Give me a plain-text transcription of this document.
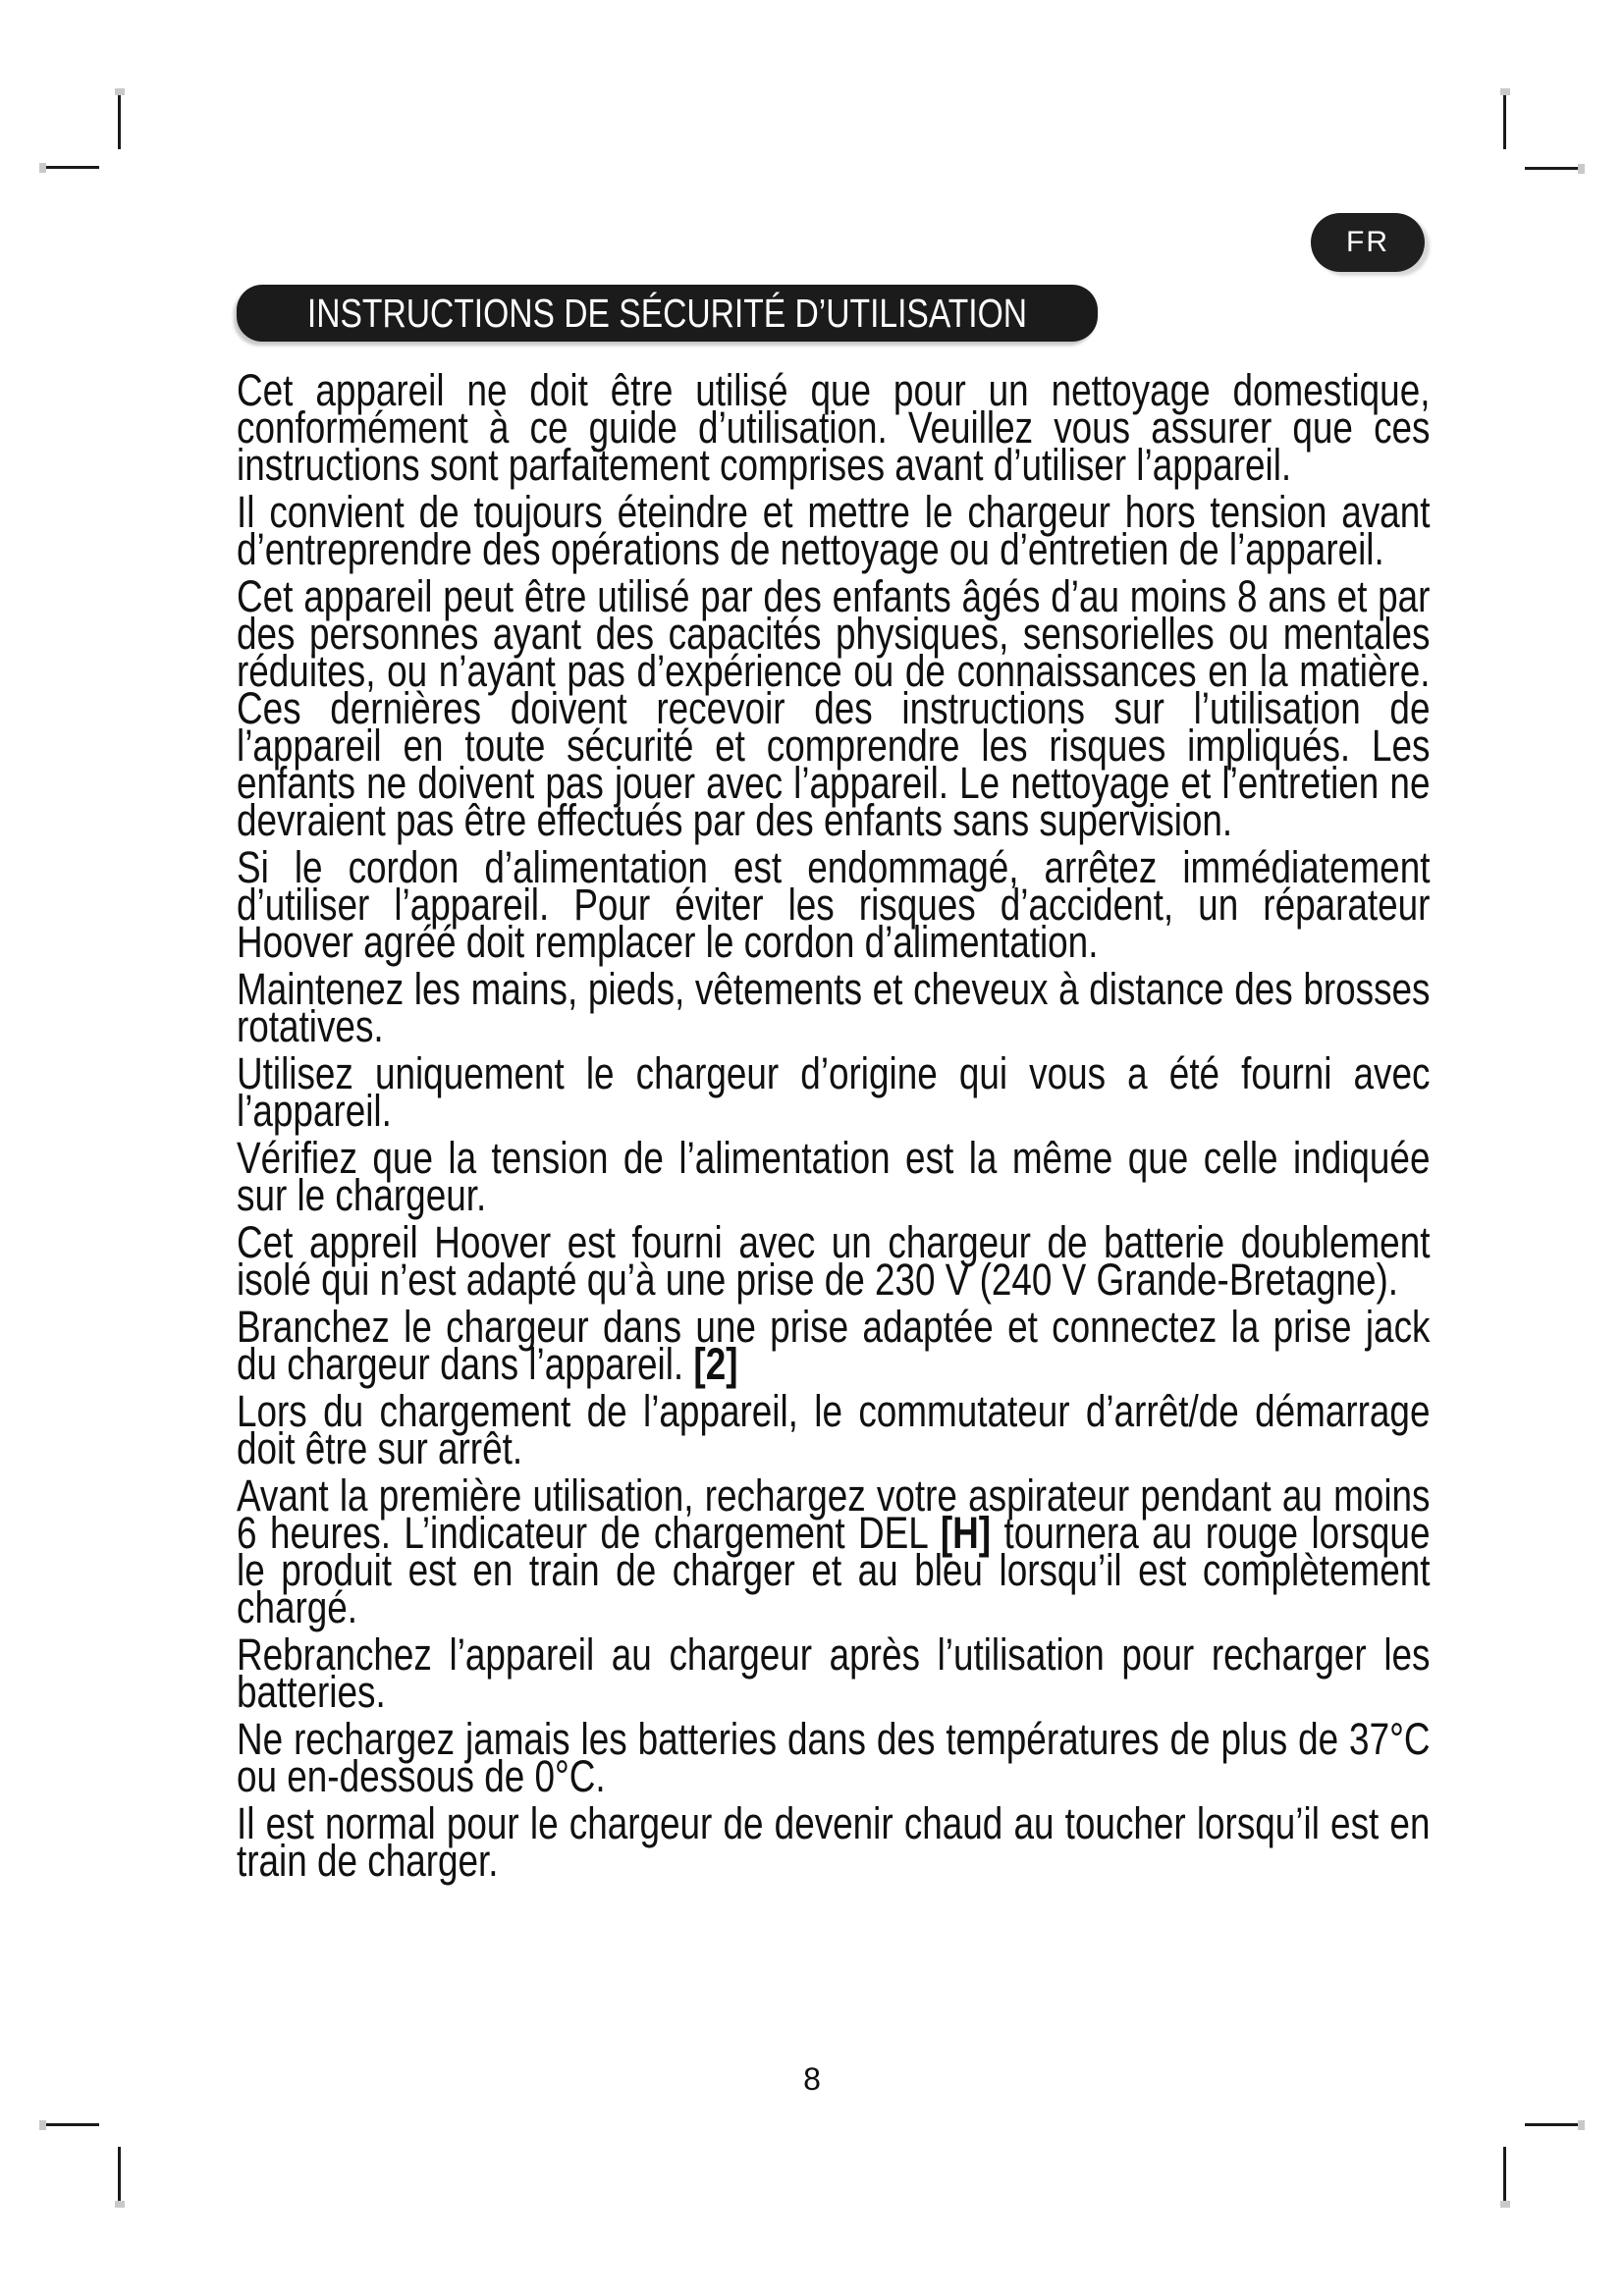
FR
INSTRUCTIONS DE SÉCURITÉ D’UTILISATION

Cet appareil ne doit être utilisé que pour un nettoyage domestique, conformément à ce guide d’utilisation. Veuillez vous assurer que ces instructions sont parfaitement comprises avant d’utiliser l’appareil.

Il convient de toujours éteindre et mettre le chargeur hors tension avant d’entreprendre des opérations de nettoyage ou d’entretien de l’appareil.

Cet appareil peut être utilisé par des enfants âgés d’au moins 8 ans et par des personnes ayant des capacités physiques, sensorielles ou mentales réduites, ou n’ayant pas d’expérience ou de connaissances en la matière. Ces dernières doivent recevoir des instructions sur l’utilisation de l’appareil en toute sécurité et comprendre les risques impliqués. Les enfants ne doivent pas jouer avec l’appareil. Le nettoyage et l’entretien ne devraient pas être effectués par des enfants sans supervision.

Si le cordon d’alimentation est endommagé, arrêtez immédiatement d’utiliser l’appareil. Pour éviter les risques d’accident, un réparateur Hoover agréé doit remplacer le cordon d’alimentation.

Maintenez les mains, pieds, vêtements et cheveux à distance des brosses rotatives.

Utilisez uniquement le chargeur d’origine qui vous a été fourni avec l’appareil.

Vérifiez que la tension de l’alimentation est la même que celle indiquée sur le chargeur.

Cet appreil Hoover est fourni avec un chargeur de batterie doublement isolé qui n’est adapté qu’à une prise de 230 V (240 V Grande-Bretagne).

Branchez le chargeur dans une prise adaptée et connectez la prise jack du chargeur dans l’appareil. [2]

Lors du chargement de l’appareil, le commutateur d’arrêt/de démarrage doit être sur arrêt.

Avant la première utilisation, rechargez votre aspirateur pendant au moins 6 heures. L’indicateur de chargement DEL [H] tournera au rouge lorsque le produit est en train de charger et au bleu lorsqu’il est complètement chargé.

Rebranchez l’appareil au chargeur après l’utilisation pour recharger les batteries.

Ne rechargez jamais les batteries dans des températures de plus de 37°C ou en-dessous de 0°C.

Il est normal pour le chargeur de devenir chaud au toucher lorsqu’il est en train de charger.

8
